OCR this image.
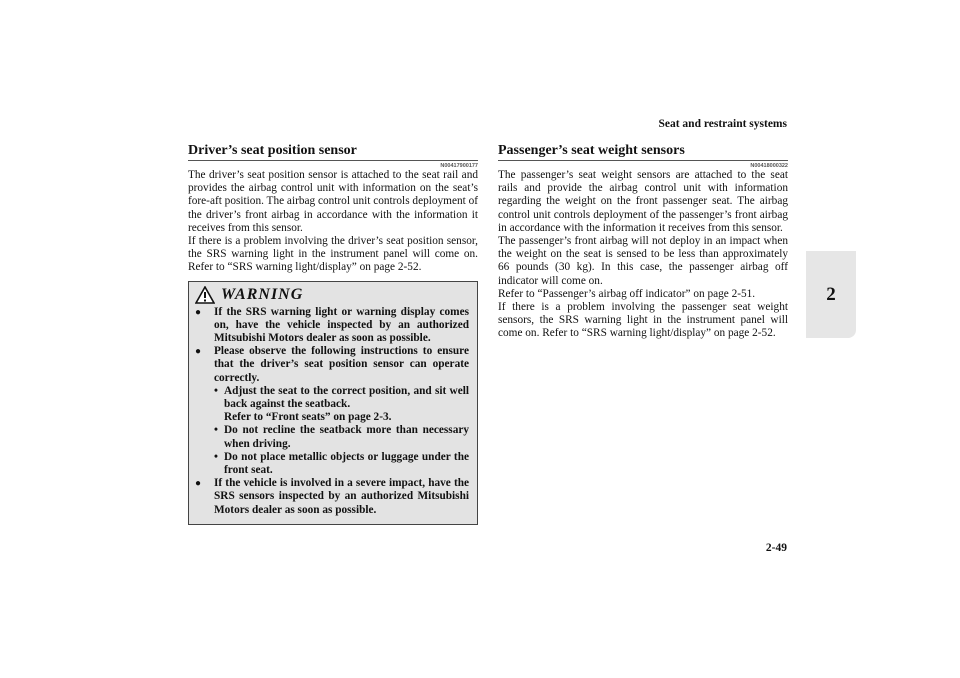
Seat and restraint systems
2
Driver’s seat position sensor
N00417900177

The driver’s seat position sensor is attached to the seat rail and provides the airbag control unit with information on the seat’s fore-aft position. The airbag control unit controls deployment of the driver’s front airbag in accordance with the information it receives from this sensor.

If there is a problem involving the driver’s seat position sensor, the SRS warning light in the instrument panel will come on. Refer to “SRS warning light/display” on page 2-52.

WARNING
●	If the SRS warning light or warning display comes on, have the vehicle inspected by an authorized Mitsubishi Motors dealer as soon as possible.
●	Please observe the following instructions to ensure that the driver’s seat position sensor can operate correctly.
• Adjust the seat to the correct position, and sit well back against the seatback.
Refer to “Front seats” on page 2-3.
• Do not recline the seatback more than necessary when driving.
• Do not place metallic objects or luggage under the front seat.
●	If the vehicle is involved in a severe impact, have the SRS sensors inspected by an authorized Mitsubishi Motors dealer as soon as possible.
Passenger’s seat weight sensors
N00418000322

The passenger’s seat weight sensors are attached to the seat rails and provide the airbag control unit with information regarding the weight on the front passenger seat. The airbag control unit controls deployment of the passenger’s front airbag in accordance with the information it receives from this sensor.

The passenger’s front airbag will not deploy in an impact when the weight on the seat is sensed to be less than approximately 66 pounds (30 kg). In this case, the passenger airbag off indicator will come on.

Refer to “Passenger’s airbag off indicator” on page 2-51.

If there is a problem involving the passenger seat weight sensors, the SRS warning light in the instrument panel will come on. Refer to “SRS warning light/display” on page 2-52.

2-49
